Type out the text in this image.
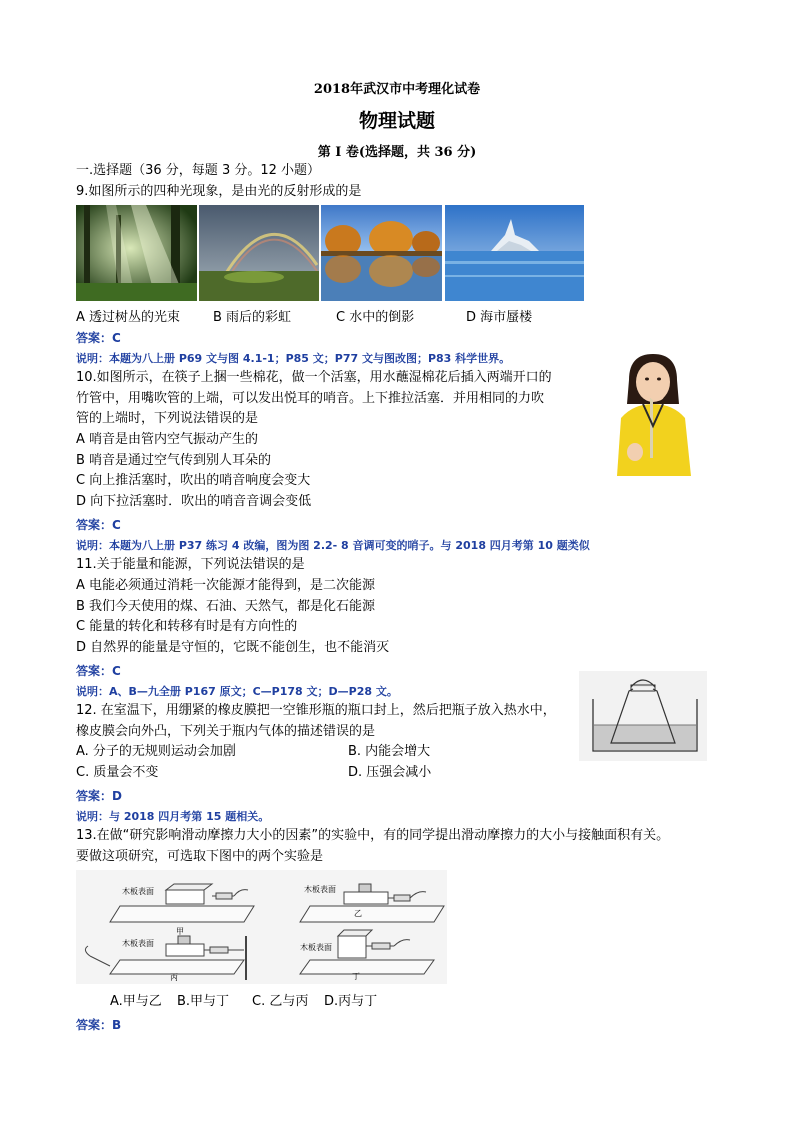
2018年武汉市中考理化试卷
物理试题
第 I 卷(选择题，共 36 分)
一.选择题（36 分，每题 3 分。12 小题）
9.如图所示的四种光现象，是由光的反射形成的是
A 透过树丛的光束	B 雨后的彩虹	C 水中的倒影	D 海市蜃楼
答案：C
说明：本题为八上册 P69 文与图 4.1-1；P85 文；P77 文与图改图；P83 科学世界。
10.如图所示，在筷子上捆一些棉花，做一个活塞，用水蘸湿棉花后插入两端开口的
竹管中，用嘴吹管的上端，可以发出悦耳的哨音。上下推拉活塞．并用相同的力吹
管的上端时，下列说法错误的是
A 哨音是由管内空气振动产生的
B 哨音是通过空气传到别人耳朵的
C 向上推活塞时，吹出的哨音响度会变大
D 向下拉活塞时．吹出的哨音音调会变低
答案：C
说明：本题为八上册 P37 练习 4 改编，图为图 2.2- 8 音调可变的哨子。与 2018 四月考第 10 题类似
11.关于能量和能源，下列说法错误的是
A 电能必须通过消耗一次能源才能得到，是二次能源
B 我们今天使用的煤、石油、天然气，都是化石能源
C 能量的转化和转移有时是有方向性的
D 自然界的能量是守恒的，它既不能创生，也不能消灭
答案：C
说明：A、B—九全册 P167 原文；C—P178 文；D—P28 文。
12. 在室温下，用绷紧的橡皮膜把一空锥形瓶的瓶口封上，然后把瓶子放入热水中，
橡皮膜会向外凸，下列关于瓶内气体的描述错误的是
A. 分子的无规则运动会加剧	B. 内能会增大
C. 质量会不变	D. 压强会减小
答案：D
说明：与 2018 四月考第 15 题相关。
13.在做“研究影响滑动摩擦力大小的因素”的实验中，有的同学提出滑动摩擦力的大小与接触面积有关。
要做这项研究，可选取下图中的两个实验是
木板表面
甲
木板表面
乙
木板表面
丙
木板表面
丁
A.甲与乙 B.甲与丁 C. 乙与丙 D.丙与丁
答案：B
